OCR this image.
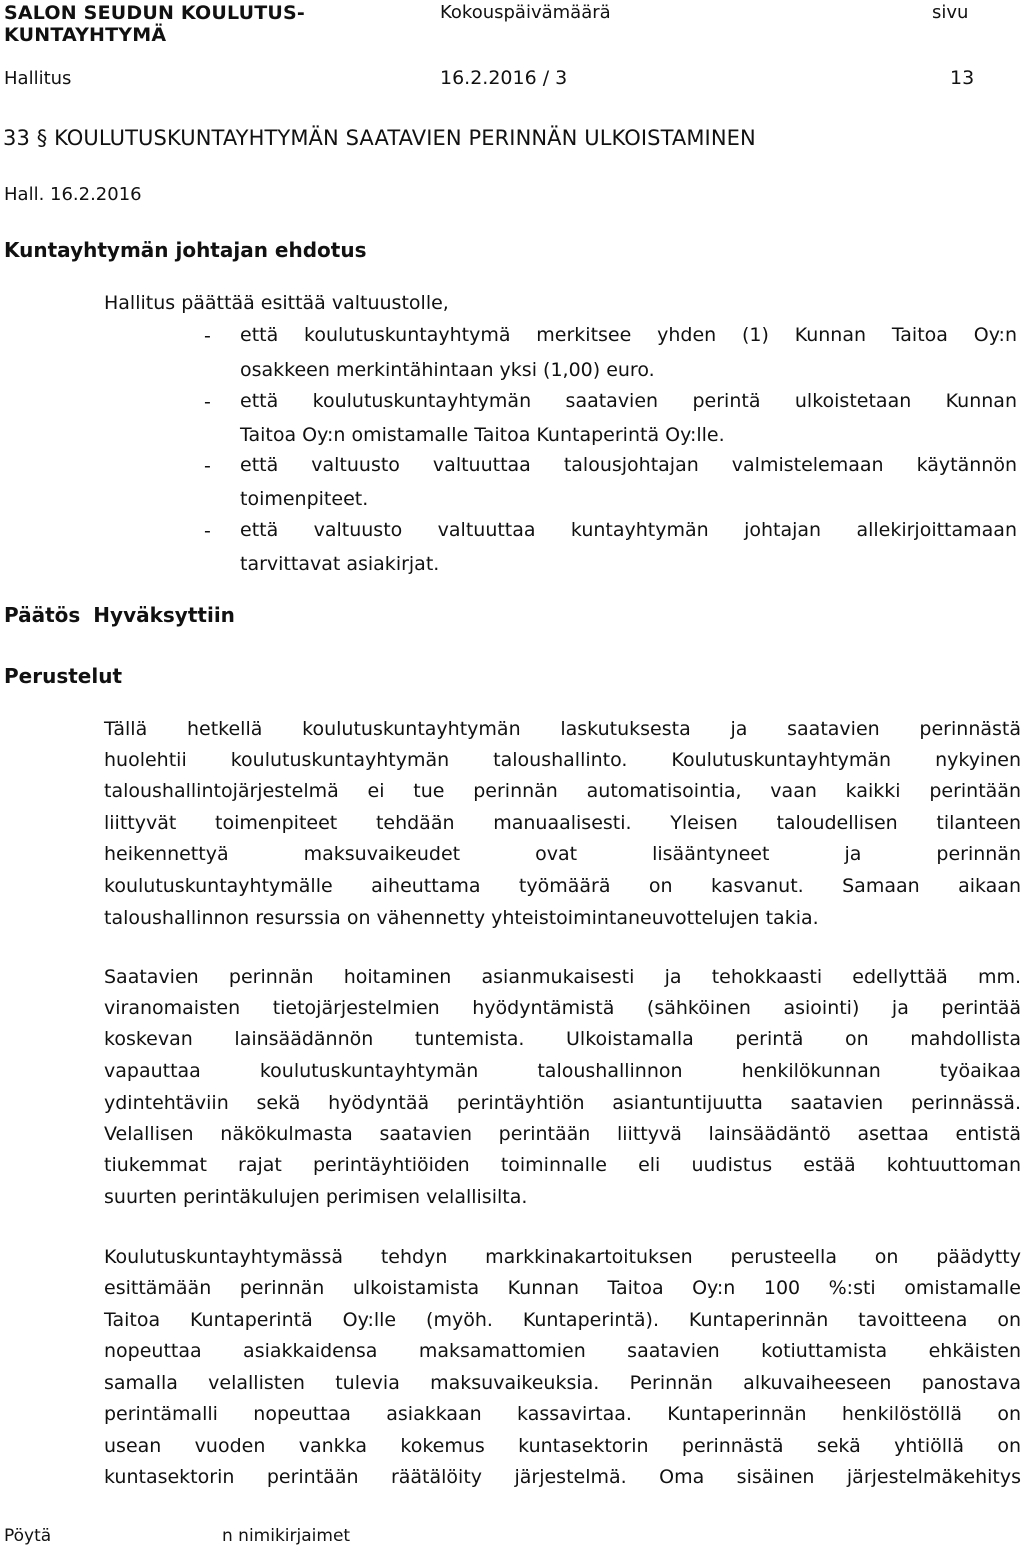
SALON SEUDUN KOULUTUS-
KUNTAYHTYMÄ
Kokouspäivämäärä	sivu
Hallitus	16.2.2016 / 3	13
33 § KOULUTUSKUNTAYHTYMÄN SAATAVIEN PERINNÄN ULKOISTAMINEN
Hall. 16.2.2016
Kuntayhtymän johtajan ehdotus
Hallitus päättää esittää valtuustolle,
- että koulutuskuntayhtymä merkitsee yhden (1) Kunnan Taitoa Oy:n
osakkeen merkintähintaan yksi (1,00) euro.
- että koulutuskuntayhtymän saatavien perintä ulkoistetaan Kunnan
Taitoa Oy:n omistamalle Taitoa Kuntaperintä Oy:lle.
- että valtuusto valtuuttaa talousjohtajan valmistelemaan käytännön
toimenpiteet.
- että valtuusto valtuuttaa kuntayhtymän johtajan allekirjoittamaan
tarvittavat asiakirjat.
Päätös Hyväksyttiin
Perustelut
Tällä hetkellä koulutuskuntayhtymän laskutuksesta ja saatavien perinnästä
huolehtii koulutuskuntayhtymän taloushallinto. Koulutuskuntayhtymän nykyinen
taloushallintojärjestelmä ei tue perinnän automatisointia, vaan kaikki perintään
liittyvät toimenpiteet tehdään manuaalisesti. Yleisen taloudellisen tilanteen
heikennettyä maksuvaikeudet ovat lisääntyneet ja perinnän
koulutuskuntayhtymälle aiheuttama työmäärä on kasvanut. Samaan aikaan
taloushallinnon resurssia on vähennetty yhteistoimintaneuvottelujen takia.
Saatavien perinnän hoitaminen asianmukaisesti ja tehokkaasti edellyttää mm.
viranomaisten tietojärjestelmien hyödyntämistä (sähköinen asiointi) ja perintää
koskevan lainsäädännön tuntemista. Ulkoistamalla perintä on mahdollista
vapauttaa koulutuskuntayhtymän taloushallinnon henkilökunnan työaikaa
ydintehtäviin sekä hyödyntää perintäyhtiön asiantuntijuutta saatavien perinnässä.
Velallisen näkökulmasta saatavien perintään liittyvä lainsäädäntö asettaa entistä
tiukemmat rajat perintäyhtiöiden toiminnalle eli uudistus estää kohtuuttoman
suurten perintäkulujen perimisen velallisilta.
Koulutuskuntayhtymässä tehdyn markkinakartoituksen perusteella on päädytty
esittämään perinnän ulkoistamista Kunnan Taitoa Oy:n 100 %:sti omistamalle
Taitoa Kuntaperintä Oy:lle (myöh. Kuntaperintä). Kuntaperinnän tavoitteena on
nopeuttaa asiakkaidensa maksamattomien saatavien kotiuttamista ehkäisten
samalla velallisten tulevia maksuvaikeuksia. Perinnän alkuvaiheeseen panostava
perintämalli nopeuttaa asiakkaan kassavirtaa. Kuntaperinnän henkilöstöllä on
usean vuoden vankka kokemus kuntasektorin perinnästä sekä yhtiöllä on
kuntasektorin perintään räätälöity järjestelmä. Oma sisäinen järjestelmäkehitys
Pöytä	n nimikirjaimet
